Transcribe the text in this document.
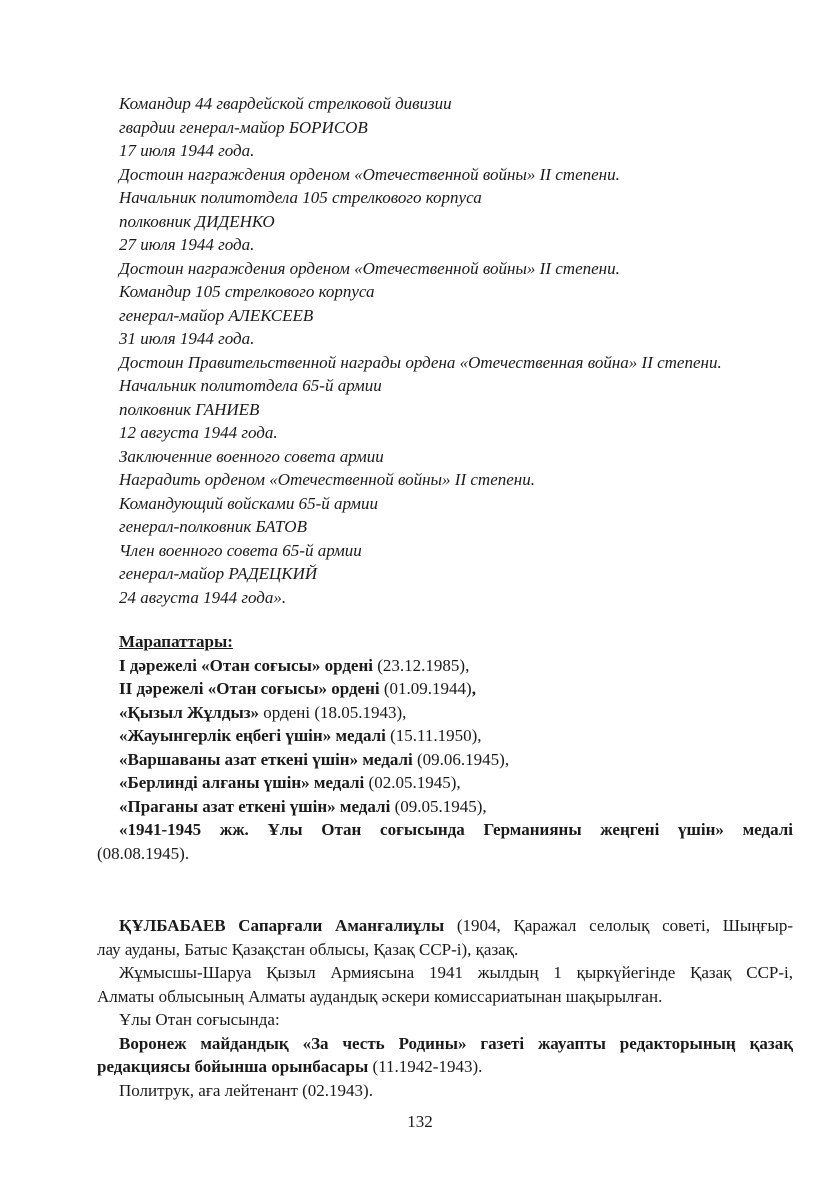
Командир 44 гвардейской стрелковой дивизии
гвардии генерал-майор БОРИСОВ
17 июля 1944 года.
Достоин награждения орденом «Отечественной войны» II степени.
Начальник политотдела 105 стрелкового корпуса
полковник ДИДЕНКО
27 июля 1944 года.
Достоин награждения орденом «Отечественной войны» II степени.
Командир 105 стрелкового корпуса
генерал-майор АЛЕКСЕЕВ
31 июля 1944 года.
Достоин Правительственной награды ордена «Отечественная война» II степени.
Начальник политотдела 65-й армии
полковник ГАНИЕВ
12 августа 1944 года.
Заключенние военного совета армии
Наградить орденом «Отечественной войны» II степени.
Командующий войсками 65-й армии
генерал-полковник БАТОВ
Член военного совета 65-й армии
генерал-майор РАДЕЦКИЙ
24 августа 1944 года».
Марапаттары:
І дәрежелі «Отан соғысы» ордені (23.12.1985),
ІІ дәрежелі «Отан соғысы» ордені (01.09.1944),
«Қызыл Жұлдыз» ордені (18.05.1943),
«Жауынгерлік еңбегі үшін» медалі (15.11.1950),
«Варшаваны азат еткені үшін» медалі (09.06.1945),
«Берлинді алғаны үшін» медалі (02.05.1945),
«Праганы азат еткені үшін» медалі (09.05.1945),
«1941-1945 жж. Ұлы Отан соғысында Германияны жеңгені үшін» медалі
(08.08.1945).

ҚҰЛБАБАЕВ Сапарғали Аманғалиұлы (1904, Қаражал селолық советі, Шыңғыр-

лау ауданы, Батыс Қазақстан облысы, Қазақ ССР-і), қазақ.

Жұмысшы-Шаруа Қызыл Армиясына 1941 жылдың 1 қыркүйегінде Қазақ ССР-і,

Алматы облысының Алматы аудандық әскери комиссариатынан шақырылған.

Ұлы Отан соғысында:

Воронеж майдандық «За честь Родины» газеті жауапты редакторының қазақ

редакциясы бойынша орынбасары (11.1942-1943).

Политрук, аға лейтенант (02.1943).

132
